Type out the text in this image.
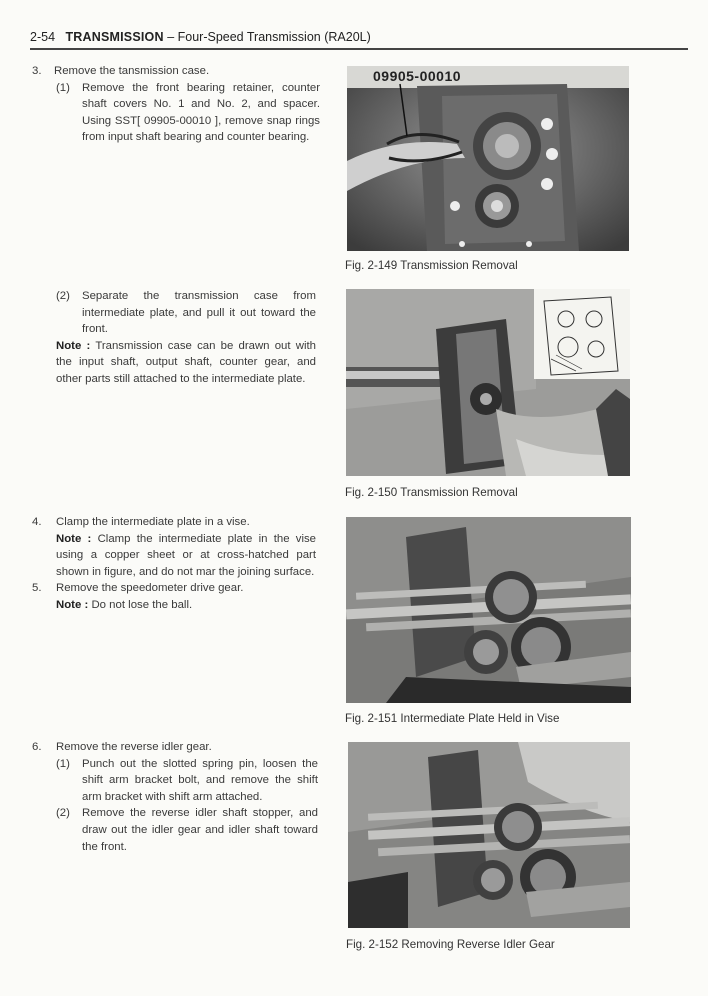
2-54 TRANSMISSION – Four-Speed Transmission (RA20L)
3. Remove the tansmission case.
(1) Remove the front bearing retainer, counter shaft covers No. 1 and No. 2, and spacer. Using SST[ 09905-00010 ], remove snap rings from input shaft bearing and counter bearing.
(2) Separate the transmission case from intermediate plate, and pull it out toward the front.
Note : Transmission case can be drawn out with the input shaft, output shaft, counter gear, and other parts still attached to the intermediate plate.
4. Clamp the intermediate plate in a vise.
Note : Clamp the intermediate plate in the vise using a copper sheet or at cross-hatched part shown in figure, and do not mar the joining surface.
5. Remove the speedometer drive gear.
Note : Do not lose the ball.
6. Remove the reverse idler gear.
(1) Punch out the slotted spring pin, loosen the shift arm bracket bolt, and remove the shift arm bracket with shift arm attached.
(2) Remove the reverse idler shaft stopper, and draw out the idler gear and idler shaft toward the front.
09905-00010
Fig. 2-149 Transmission Removal
Fig. 2-150 Transmission Removal
Fig. 2-151 Intermediate Plate Held in Vise
Fig. 2-152 Removing Reverse Idler Gear
